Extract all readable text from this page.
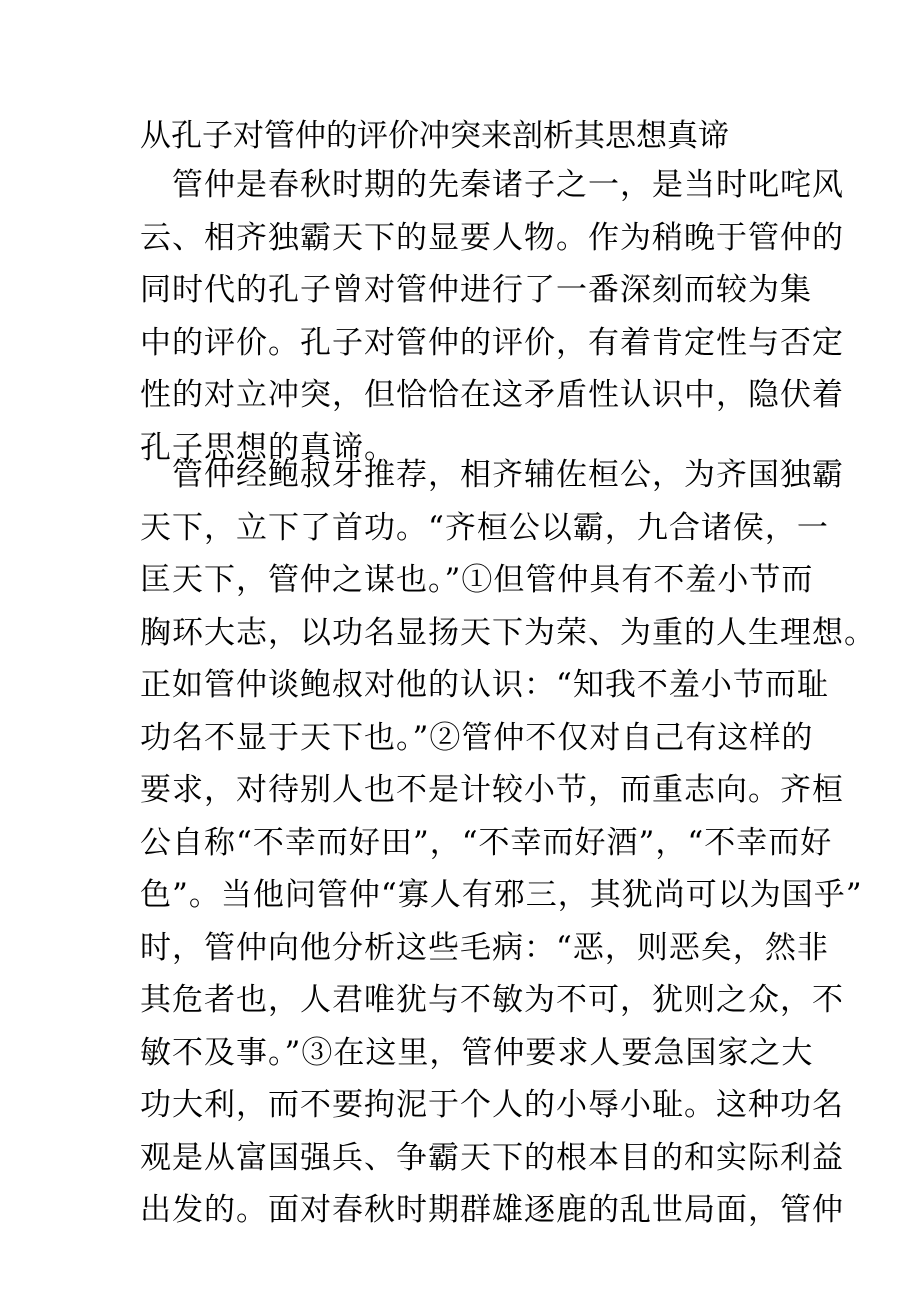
从孔子对管仲的评价冲突来剖析其思想真谛
管仲是春秋时期的先秦诸子之一，是当时叱咤风
云、相齐独霸天下的显要人物。作为稍晚于管仲的
同时代的孔子曾对管仲进行了一番深刻而较为集
中的评价。孔子对管仲的评价，有着肯定性与否定
性的对立冲突，但恰恰在这矛盾性认识中，隐伏着
孔子思想的真谛。
管仲经鲍叔牙推荐，相齐辅佐桓公，为齐国独霸
天下，立下了首功。“齐桓公以霸，九合诸侯，一
匡天下，管仲之谋也。”①但管仲具有不羞小节而
胸环大志，以功名显扬天下为荣、为重的人生理想。
正如管仲谈鲍叔对他的认识：“知我不羞小节而耻
功名不显于天下也。”②管仲不仅对自己有这样的
要求，对待别人也不是计较小节，而重志向。齐桓
公自称“不幸而好田”，“不幸而好酒”，“不幸而好
色”。当他问管仲“寡人有邪三，其犹尚可以为国乎”
时，管仲向他分析这些毛病：“恶，则恶矣，然非
其危者也，人君唯犹与不敏为不可，犹则之众，不
敏不及事。”③在这里，管仲要求人要急国家之大
功大利，而不要拘泥于个人的小辱小耻。这种功名
观是从富国强兵、争霸天下的根本目的和实际利益
出发的。面对春秋时期群雄逐鹿的乱世局面，管仲
